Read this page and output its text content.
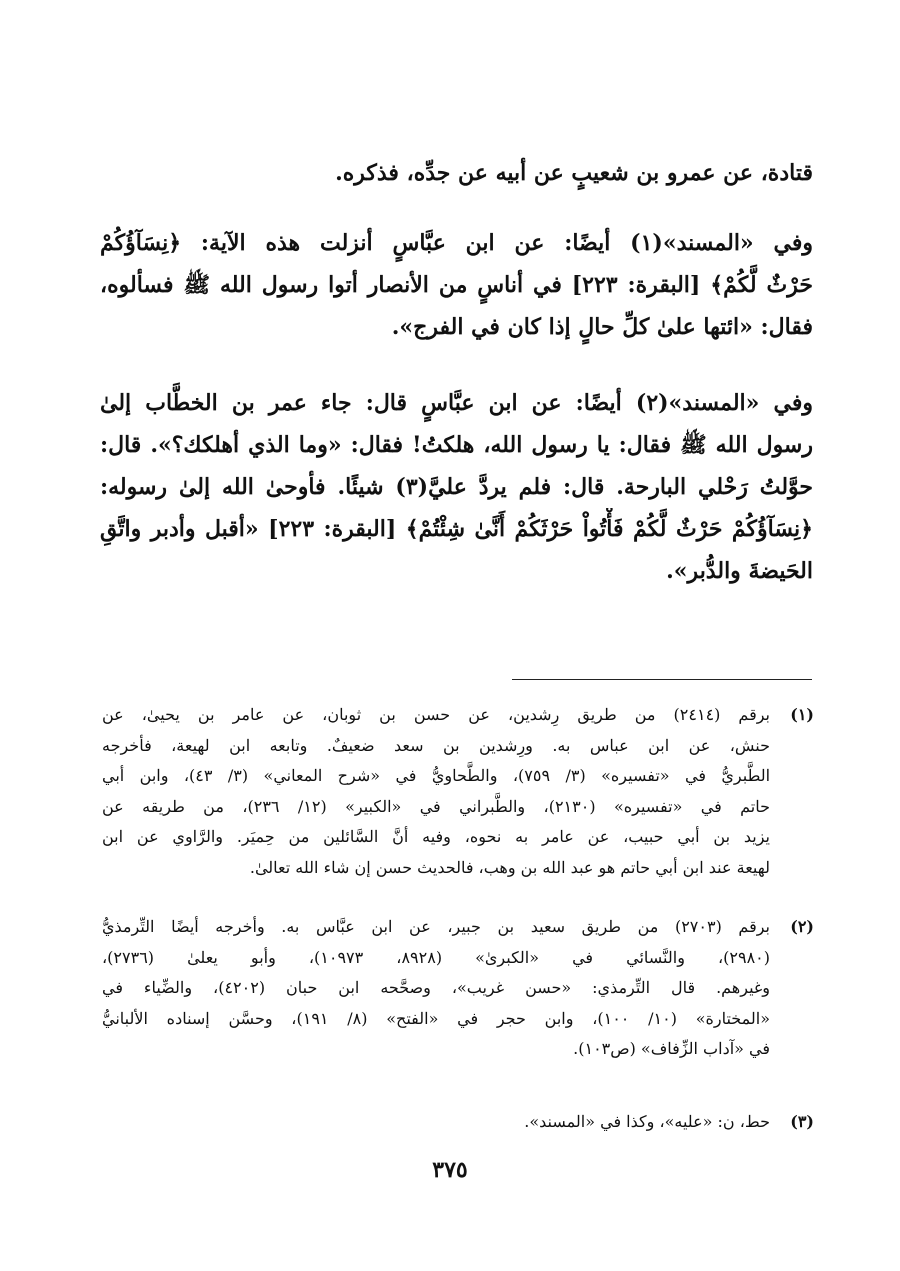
قتادة، عن عمرو بن شعيبٍ عن أبيه عن جدِّه، فذكره.
وفي «المسند»(١) أيضًا: عن ابن عبَّاسٍ أنزلت هذه الآية: ﴿نِسَآؤُكُمْ
حَرْثٌ لَّكُمْ﴾ [البقرة: ٢٢٣] في أناسٍ من الأنصار أتوا رسول الله ﷺ فسألوه،
فقال: «ائتها علىٰ كلِّ حالٍ إذا كان في الفرج».
وفي «المسند»(٢) أيضًا: عن ابن عبَّاسٍ قال: جاء عمر بن الخطَّاب إلىٰ
رسول الله ﷺ فقال: يا رسول الله، هلكتُ! فقال: «وما الذي أهلكك؟». قال:
حوَّلتُ رَحْلي البارحة. قال: فلم يردَّ عليَّ(٣) شيئًا. فأوحىٰ الله إلىٰ رسوله:
﴿نِسَآؤُكُمْ حَرْثٌ لَّكُمْ فَأْتُواْ حَرْثَكُمْ أَنَّىٰ شِئْتُمْ﴾ [البقرة: ٢٢٣] «أقبل وأدبر واتَّقِ
الحَيضةَ والدُّبر».
(١)
برقم (٢٤١٤) من طريق رِشدين، عن حسن بن ثوبان، عن عامر بن يحيىٰ، عن
حنش، عن ابن عباس به. ورِشدين بن سعد ضعيفٌ. وتابعه ابن لهيعة، فأخرجه
الطَّبريُّ في «تفسيره» (٣/ ٧٥٩)، والطَّحاويُّ في «شرح المعاني» (٣/ ٤٣)، وابن أبي
حاتم في «تفسيره» (٢١٣٠)، والطَّبراني في «الكبير» (١٢/ ٢٣٦)، من طريقه عن
يزيد بن أبي حبيب، عن عامر به نحوه، وفيه أنَّ السَّائلين من حِميَر. والرَّاوي عن ابن
لهيعة عند ابن أبي حاتم هو عبد الله بن وهب، فالحديث حسن إن شاء الله تعالىٰ.
(٢)
برقم (٢٧٠٣) من طريق سعيد بن جبير، عن ابن عبَّاس به. وأخرجه أيضًا التِّرمذيُّ
(٢٩٨٠)، والنَّسائي في «الكبرىٰ» (٨٩٢٨، ١٠٩٧٣)، وأبو يعلىٰ (٢٧٣٦)،
وغيرهم. قال التِّرمذي: «حسن غريب»، وصحَّحه ابن حبان (٤٢٠٢)، والضِّياء في
«المختارة» (١٠/ ١٠٠)، وابن حجر في «الفتح» (٨/ ١٩١)، وحسَّن إسناده الألبانيُّ
في «آداب الزِّفاف» (ص١٠٣).
(٣)
حط، ن: «عليه»، وكذا في «المسند».
٣٧٥
